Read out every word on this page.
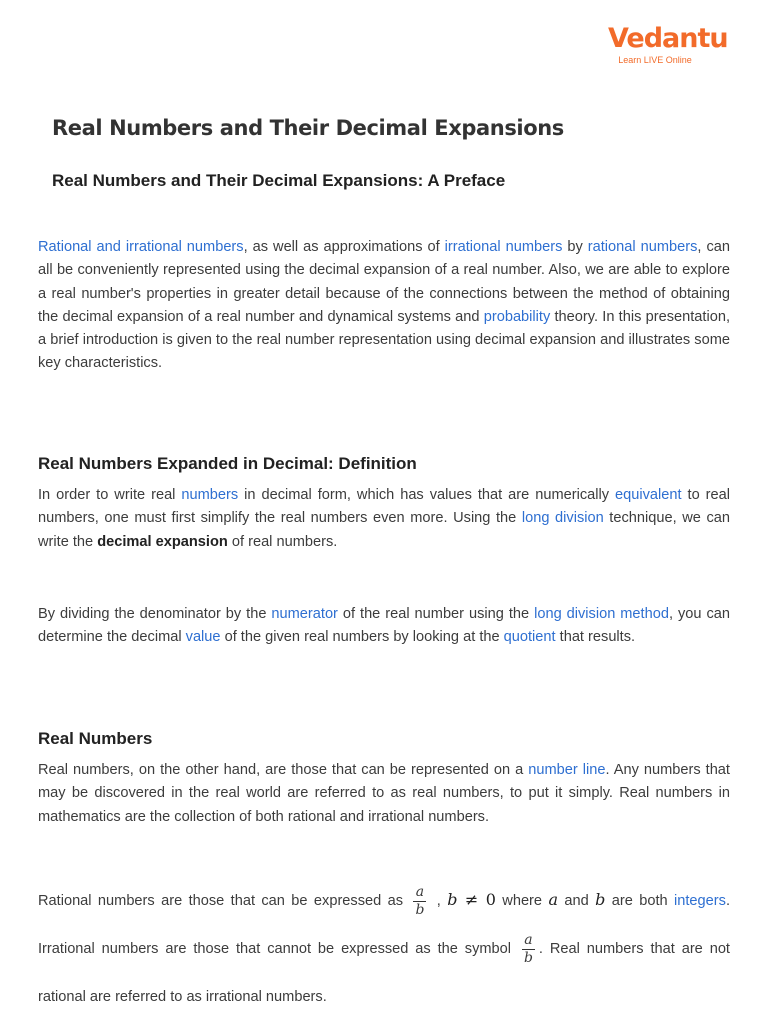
Vedantu
Learn LIVE Online
Real Numbers and Their Decimal Expansions
Real Numbers and Their Decimal Expansions: A Preface
Rational and irrational numbers, as well as approximations of irrational numbers by rational numbers, can all be conveniently represented using the decimal expansion of a real number. Also, we are able to explore a real number's properties in greater detail because of the connections between the method of obtaining the decimal expansion of a real number and dynamical systems and probability theory. In this presentation, a brief introduction is given to the real number representation using decimal expansion and illustrates some key characteristics.
Real Numbers Expanded in Decimal: Definition
In order to write real numbers in decimal form, which has values that are numerically equivalent to real numbers, one must first simplify the real numbers even more. Using the long division technique, we can write the decimal expansion of real numbers.
By dividing the denominator by the numerator of the real number using the long division method, you can determine the decimal value of the given real numbers by looking at the quotient that results.
Real Numbers
Real numbers, on the other hand, are those that can be represented on a number line. Any numbers that may be discovered in the real world are referred to as real numbers, to put it simply. Real numbers in mathematics are the collection of both rational and irrational numbers.
Rational numbers are those that can be expressed as $\frac{a}{b}$ , b ≠ 0 where a and b are both integers. Irrational numbers are those that cannot be expressed as the symbol $\frac{a}{b}$ . Real numbers that are not rational are referred to as irrational numbers.
